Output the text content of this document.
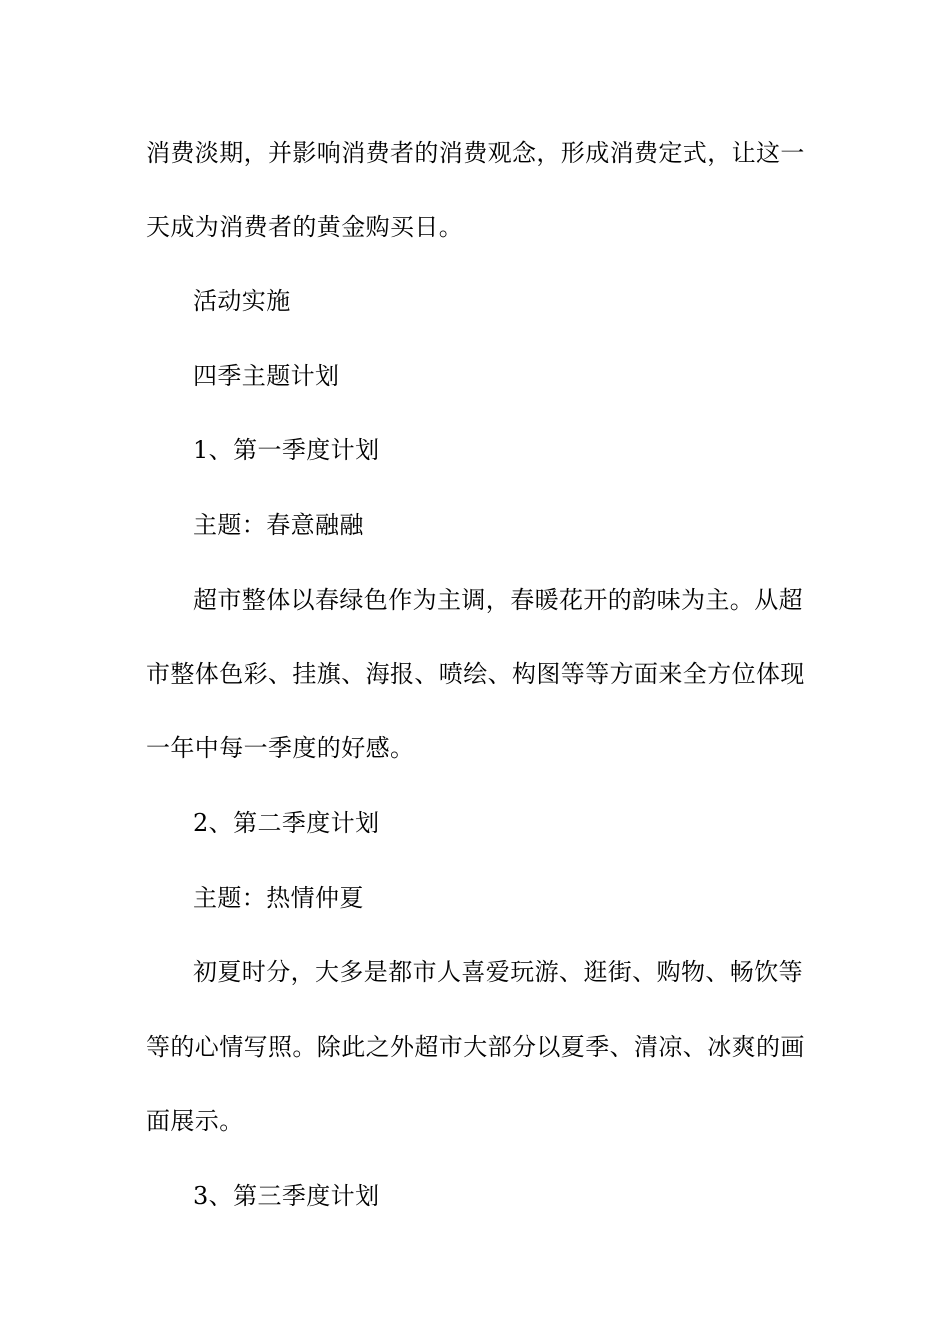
消费淡期，并影响消费者的消费观念，形成消费定式，让这一
天成为消费者的黄金购买日。
活动实施
四季主题计划
1、第一季度计划
主题：春意融融
超市整体以春绿色作为主调，春暖花开的韵味为主。从超
市整体色彩、挂旗、海报、喷绘、构图等等方面来全方位体现
一年中每一季度的好感。
2、第二季度计划
主题：热情仲夏
初夏时分，大多是都市人喜爱玩游、逛街、购物、畅饮等
等的心情写照。除此之外超市大部分以夏季、清凉、冰爽的画
面展示。
3、第三季度计划
